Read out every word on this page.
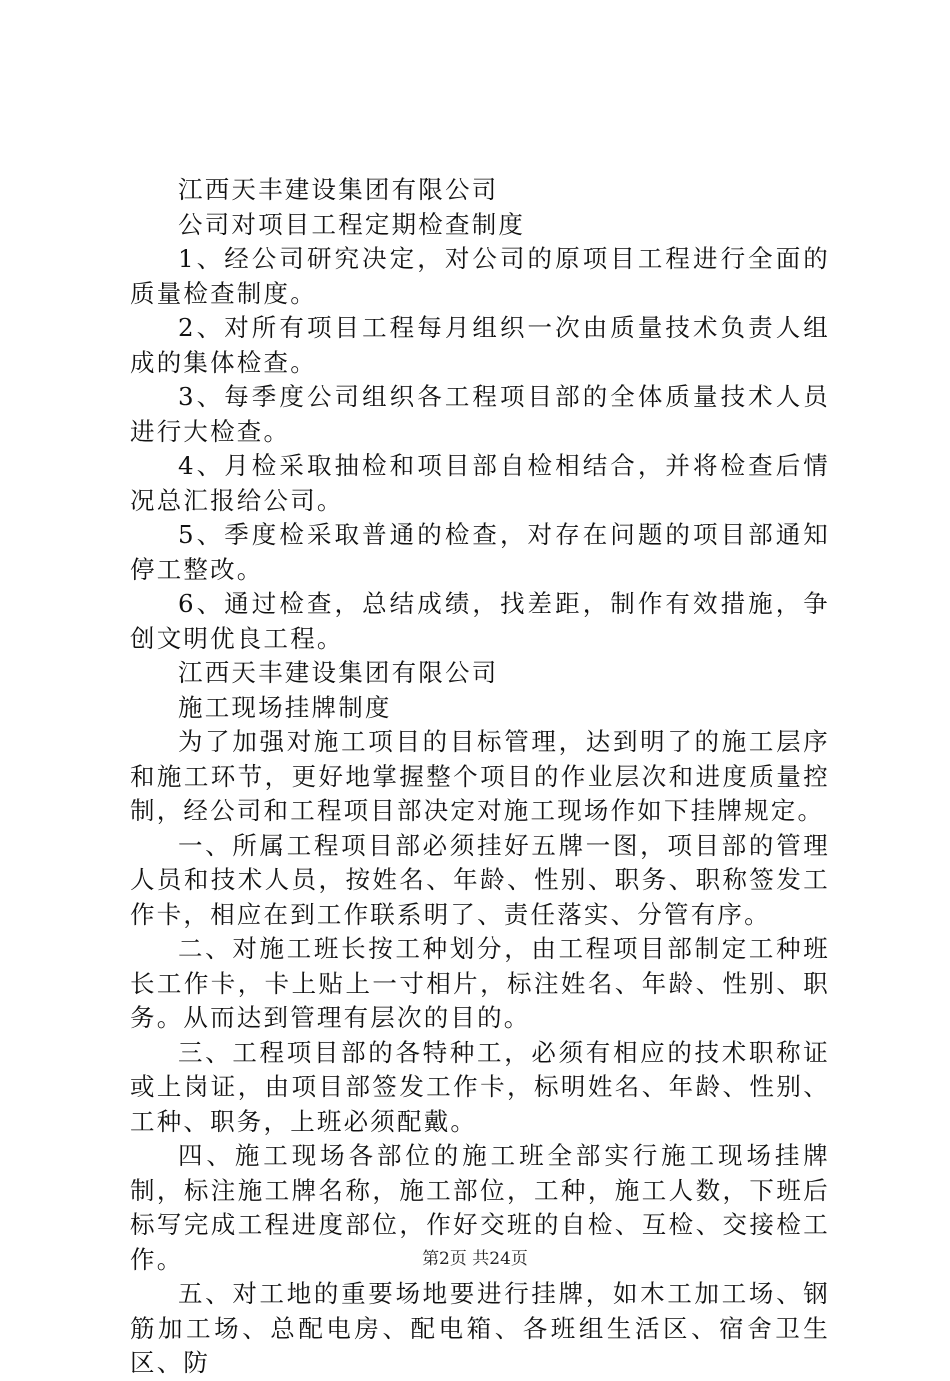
江西天丰建设集团有限公司

公司对项目工程定期检查制度

1、经公司研究决定，对公司的原项目工程进行全面的质量检查制度。

2、对所有项目工程每月组织一次由质量技术负责人组成的集体检查。

3、每季度公司组织各工程项目部的全体质量技术人员进行大检查。

4、月检采取抽检和项目部自检相结合，并将检查后情况总汇报给公司。

5、季度检采取普通的检查，对存在问题的项目部通知停工整改。

6、通过检查，总结成绩，找差距，制作有效措施，争创文明优良工程。

江西天丰建设集团有限公司

施工现场挂牌制度

为了加强对施工项目的目标管理，达到明了的施工层序和施工环节，更好地掌握整个项目的作业层次和进度质量控制，经公司和工程项目部决定对施工现场作如下挂牌规定。

一、所属工程项目部必须挂好五牌一图，项目部的管理人员和技术人员，按姓名、年龄、性别、职务、职称签发工作卡，相应在到工作联系明了、责任落实、分管有序。

二、对施工班长按工种划分，由工程项目部制定工种班长工作卡，卡上贴上一寸相片，标注姓名、年龄、性别、职务。从而达到管理有层次的目的。

三、工程项目部的各特种工，必须有相应的技术职称证或上岗证，由项目部签发工作卡，标明姓名、年龄、性别、工种、职务，上班必须配戴。

四、施工现场各部位的施工班全部实行施工现场挂牌制，标注施工牌名称，施工部位，工种，施工人数，下班后标写完成工程进度部位，作好交班的自检、互检、交接检工作。

五、对工地的重要场地要进行挂牌，如木工加工场、钢筋加工场、总配电房、配电箱、各班组生活区、宿舍卫生区、防

第2页 共24页
